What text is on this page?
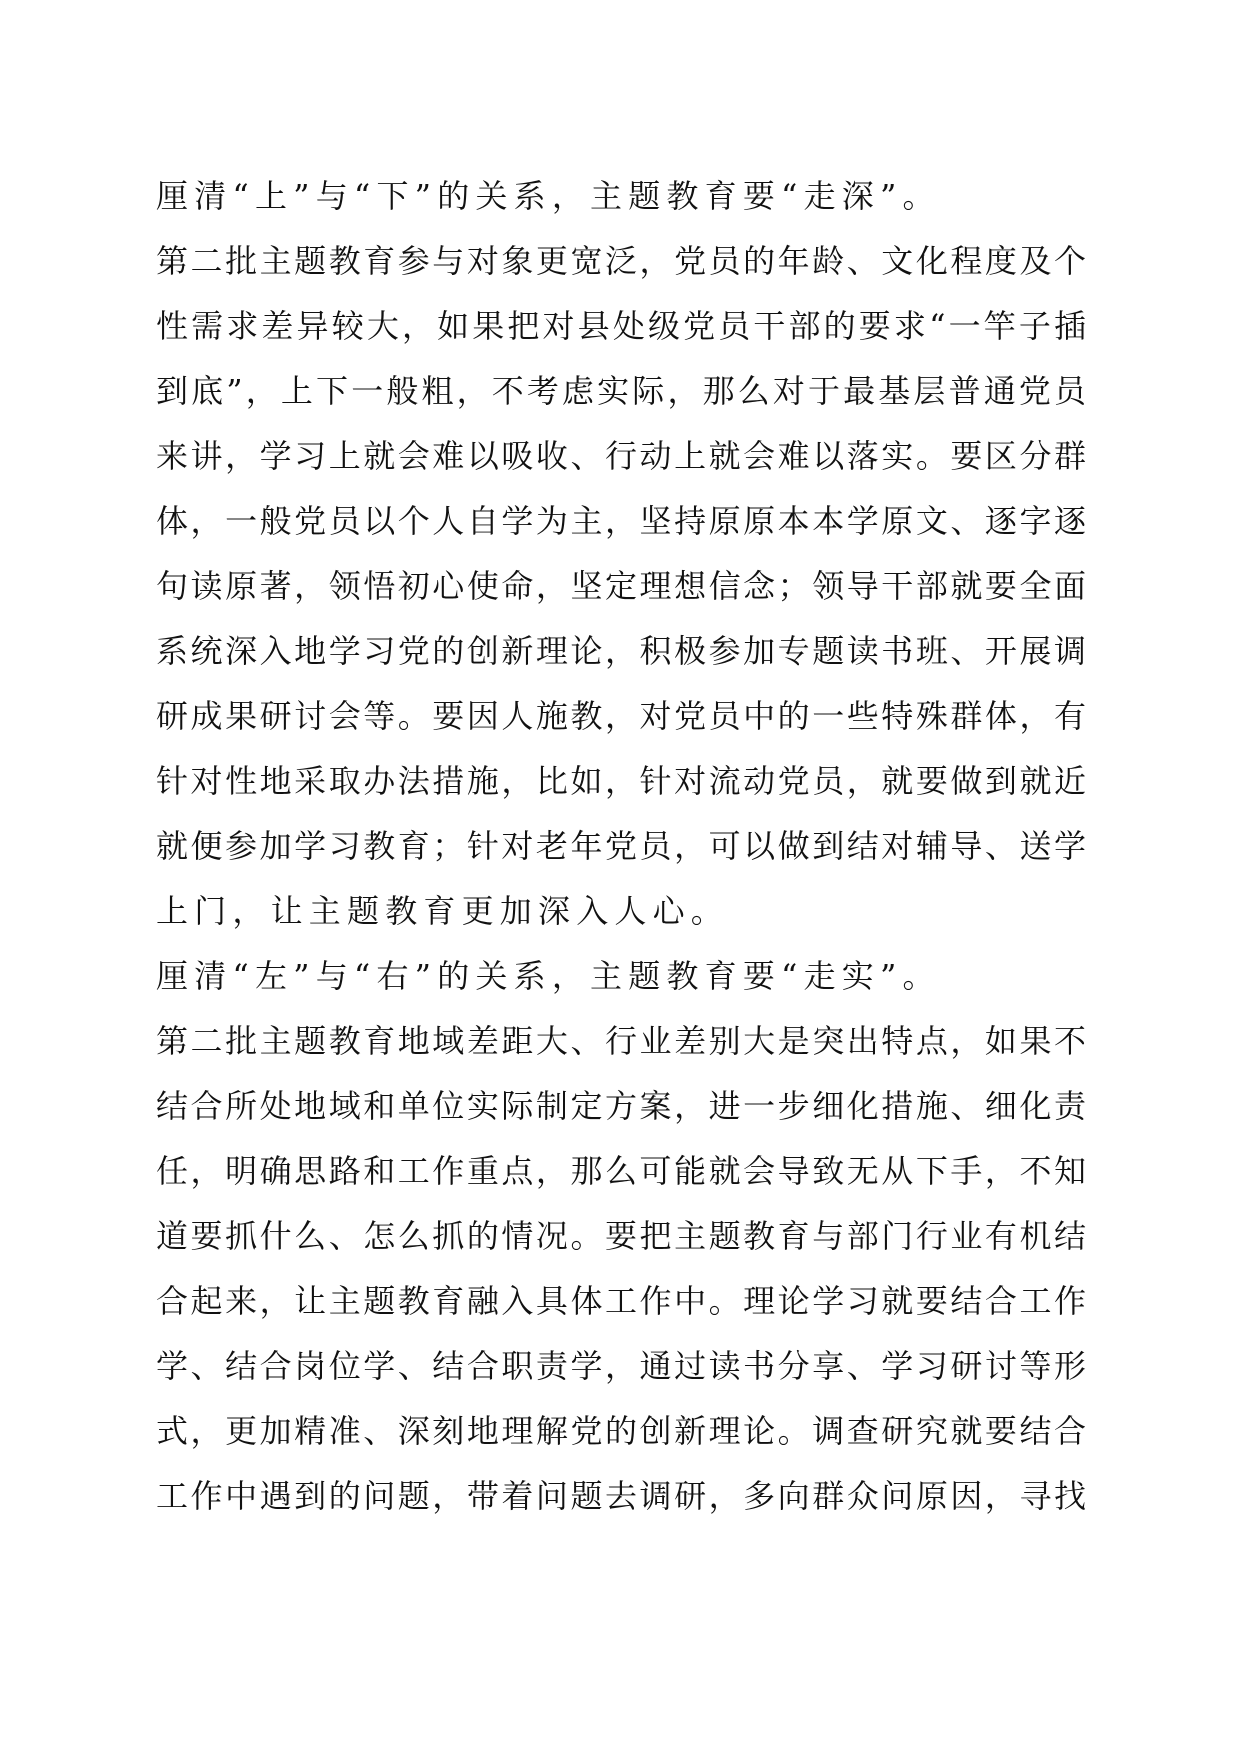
厘清“上”与“下”的关系，主题教育要“走深”。
第二批主题教育参与对象更宽泛，党员的年龄、文化程度及个
性需求差异较大，如果把对县处级党员干部的要求“一竿子插
到底”，上下一般粗，不考虑实际，那么对于最基层普通党员
来讲，学习上就会难以吸收、行动上就会难以落实。要区分群
体，一般党员以个人自学为主，坚持原原本本学原文、逐字逐
句读原著，领悟初心使命，坚定理想信念；领导干部就要全面
系统深入地学习党的创新理论，积极参加专题读书班、开展调
研成果研讨会等。要因人施教，对党员中的一些特殊群体，有
针对性地采取办法措施，比如，针对流动党员，就要做到就近
就便参加学习教育；针对老年党员，可以做到结对辅导、送学
上门，让主题教育更加深入人心。
厘清“左”与“右”的关系，主题教育要“走实”。
第二批主题教育地域差距大、行业差别大是突出特点，如果不
结合所处地域和单位实际制定方案，进一步细化措施、细化责
任，明确思路和工作重点，那么可能就会导致无从下手，不知
道要抓什么、怎么抓的情况。要把主题教育与部门行业有机结
合起来，让主题教育融入具体工作中。理论学习就要结合工作
学、结合岗位学、结合职责学，通过读书分享、学习研讨等形
式，更加精准、深刻地理解党的创新理论。调查研究就要结合
工作中遇到的问题，带着问题去调研，多向群众问原因，寻找
